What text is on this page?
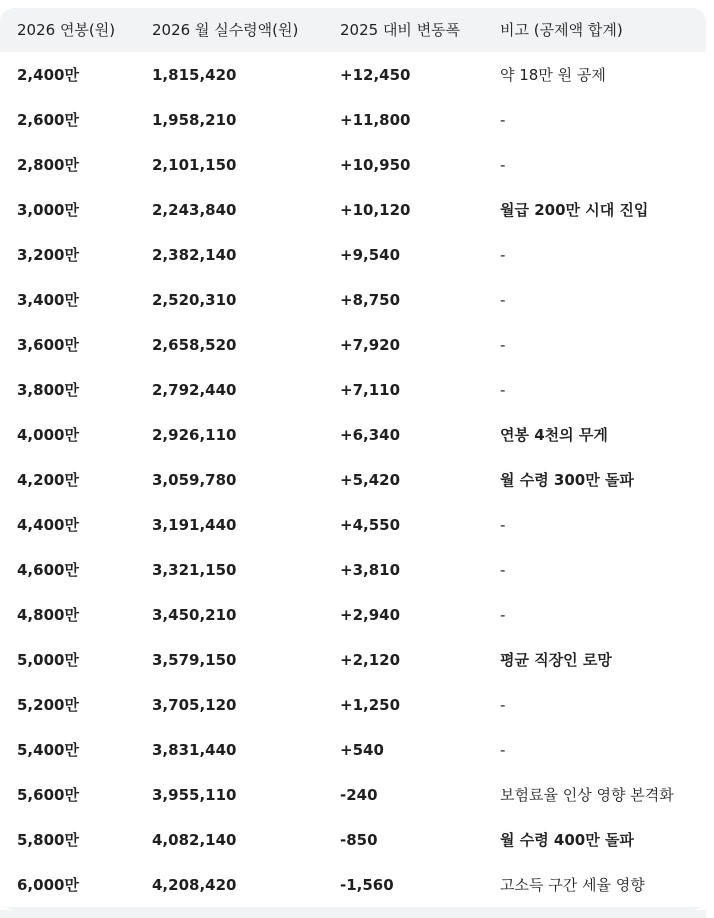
2026 연봉(원)	2026 월 실수령액(원)	2025 대비 변동폭	비고 (공제액 합계)
2,400만	1,815,420	+12,450	약 18만 원 공제
2,600만	1,958,210	+11,800	-
2,800만	2,101,150	+10,950	-
3,000만	2,243,840	+10,120	월급 200만 시대 진입
3,200만	2,382,140	+9,540	-
3,400만	2,520,310	+8,750	-
3,600만	2,658,520	+7,920	-
3,800만	2,792,440	+7,110	-
4,000만	2,926,110	+6,340	연봉 4천의 무게
4,200만	3,059,780	+5,420	월 수령 300만 돌파
4,400만	3,191,440	+4,550	-
4,600만	3,321,150	+3,810	-
4,800만	3,450,210	+2,940	-
5,000만	3,579,150	+2,120	평균 직장인 로망
5,200만	3,705,120	+1,250	-
5,400만	3,831,440	+540	-
5,600만	3,955,110	-240	보험료율 인상 영향 본격화
5,800만	4,082,140	-850	월 수령 400만 돌파
6,000만	4,208,420	-1,560	고소득 구간 세율 영향
